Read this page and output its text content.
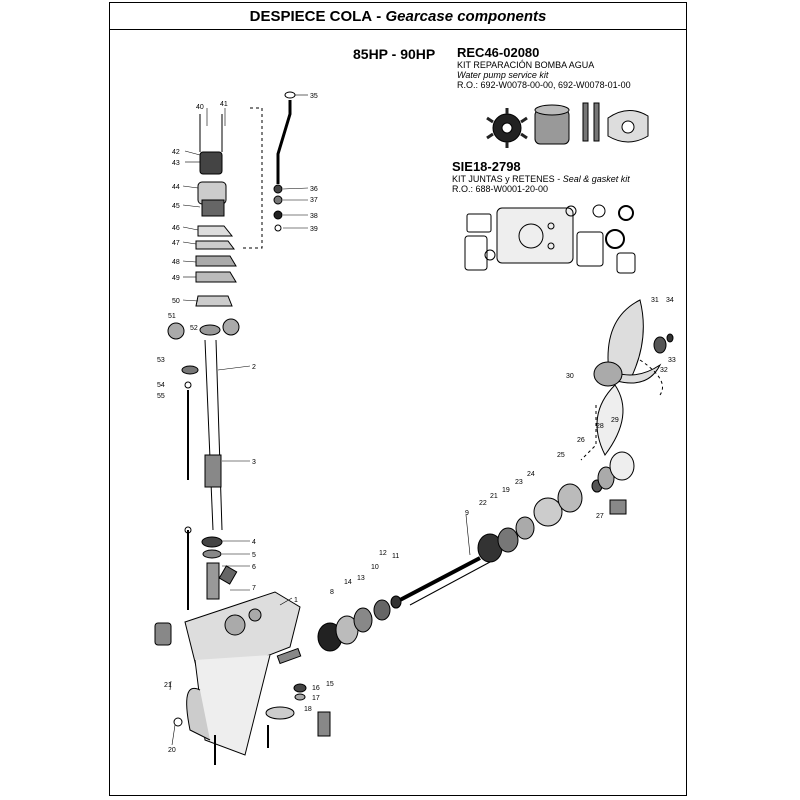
DESPIECE COLA - Gearcase components
85HP - 90HP REC46-02080
KIT REPARACIÓN BOMBA AGUA
Water pump service kit
R.O.: 692-W0078-00-00, 692-W0078-01-00
SIE18-2798
KIT JUNTAS y RETENES - Seal & gasket kit
R.O.: 688-W0001-20-00
40 41
42
43
44
45
46
47
48
49
50
51
52
53
54
55
35
36
37
38
39
2
3
4
5
6
7
1
8
14
13
10
12 11
9
22
21
19
23
24
25
26
27
28
29
30
31 34
33
32
15
16
17
18
21
20
